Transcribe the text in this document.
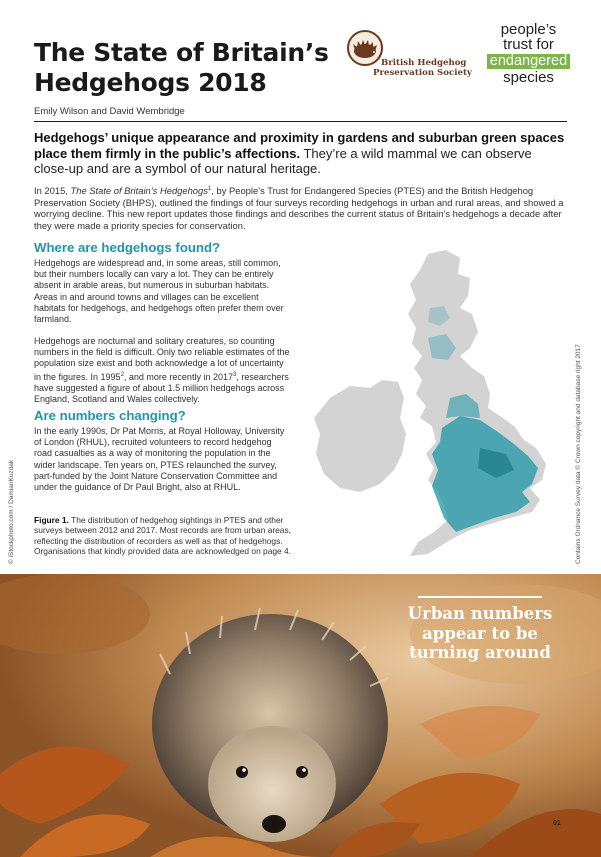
The State of Britain’s Hedgehogs 2018
Emily Wilson and David Wembridge
British Hedgehog
Preservation Society
people’s
trust for
endangered
species

Hedgehogs’ unique appearance and proximity in gardens and suburban green spaces place them firmly in the public’s affections. They’re a wild mammal we can observe close-up and are a symbol of our natural heritage.

In 2015, The State of Britain’s Hedgehogs$^1$, by People’s Trust for Endangered Species (PTES) and the British Hedgehog Preservation Society (BHPS), outlined the findings of four surveys recording hedgehogs in urban and rural areas, and showed a worrying decline. This new report updates those findings and describes the current status of Britain’s hedgehogs a decade after they were made a priority species for conservation.

Where are hedgehogs found?

Hedgehogs are widespread and, in some areas, still common, but their numbers locally can vary a lot. They can be entirely absent in arable areas, but numerous in suburban habitats. Areas in and around towns and villages can be excellent habitats for hedgehogs, and hedgehogs often prefer them over farmland.

Hedgehogs are nocturnal and solitary creatures, so counting numbers in the field is difficult. Only two reliable estimates of the population size exist and both acknowledge a lot of uncertainty in the figures. In 1995$^2$, and more recently in 2017$^3$, researchers have suggested a figure of about 1.5 million hedgehogs across England, Scotland and Wales collectively.

Are numbers changing?

In the early 1990s, Dr Pat Morris, at Royal Holloway, University of London (RHUL), recruited volunteers to record hedgehog road casualties as a way of monitoring the population in the wider landscape. Ten years on, PTES relaunched the survey, part-funded by the Joint Nature Conservation Committee and under the guidance of Dr Paul Bright, also at RHUL.

Figure 1. The distribution of hedgehog sightings in PTES and other surveys between 2012 and 2017. Most records are from urban areas, reflecting the distribution of recorders as well as that of hedgehogs. Organisations that kindly provided data are acknowledged on page 4.

© iStockphoto.com / DamianKuzdak	Contains Ordnance Survey data © Crown copyright and database right 2017
Urban numbers appear to be turning around
01
